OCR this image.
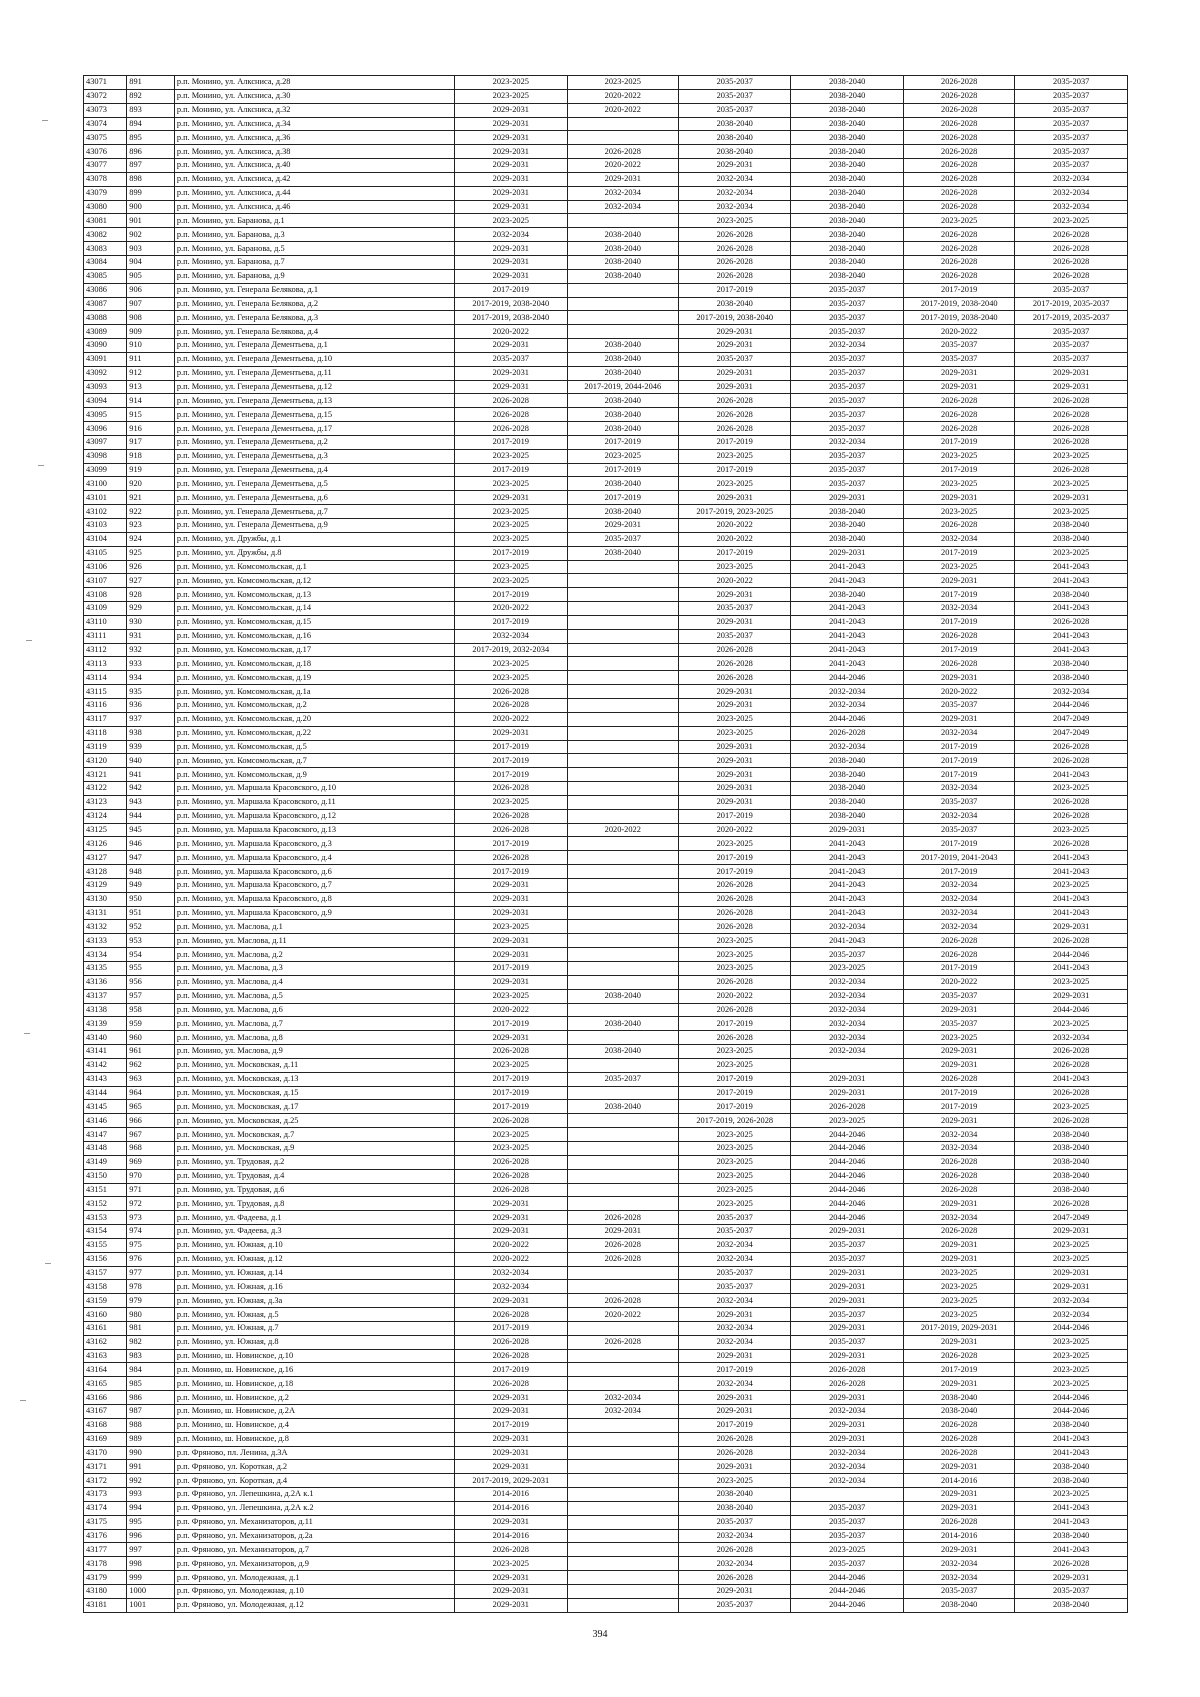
43071	891	р.п. Монино, ул. Алксниса, д.28	2023-2025	2023-2025	2035-2037	2038-2040	2026-2028	2035-2037
43072	892	р.п. Монино, ул. Алксниса, д.30	2023-2025	2020-2022	2035-2037	2038-2040	2026-2028	2035-2037
43073	893	р.п. Монино, ул. Алксниса, д.32	2029-2031	2020-2022	2035-2037	2038-2040	2026-2028	2035-2037
43074	894	р.п. Монино, ул. Алксниса, д.34	2029-2031		2038-2040	2038-2040	2026-2028	2035-2037
43075	895	р.п. Монино, ул. Алксниса, д.36	2029-2031		2038-2040	2038-2040	2026-2028	2035-2037
43076	896	р.п. Монино, ул. Алксниса, д.38	2029-2031	2026-2028	2038-2040	2038-2040	2026-2028	2035-2037
43077	897	р.п. Монино, ул. Алксниса, д.40	2029-2031	2020-2022	2029-2031	2038-2040	2026-2028	2035-2037
43078	898	р.п. Монино, ул. Алксниса, д.42	2029-2031	2029-2031	2032-2034	2038-2040	2026-2028	2032-2034
43079	899	р.п. Монино, ул. Алксниса, д.44	2029-2031	2032-2034	2032-2034	2038-2040	2026-2028	2032-2034
43080	900	р.п. Монино, ул. Алксниса, д.46	2029-2031	2032-2034	2032-2034	2038-2040	2026-2028	2032-2034
43081	901	р.п. Монино, ул. Баранова, д.1	2023-2025		2023-2025	2038-2040	2023-2025	2023-2025
43082	902	р.п. Монино, ул. Баранова, д.3	2032-2034	2038-2040	2026-2028	2038-2040	2026-2028	2026-2028
43083	903	р.п. Монино, ул. Баранова, д.5	2029-2031	2038-2040	2026-2028	2038-2040	2026-2028	2026-2028
43084	904	р.п. Монино, ул. Баранова, д.7	2029-2031	2038-2040	2026-2028	2038-2040	2026-2028	2026-2028
43085	905	р.п. Монино, ул. Баранова, д.9	2029-2031	2038-2040	2026-2028	2038-2040	2026-2028	2026-2028
43086	906	р.п. Монино, ул. Генерала Белякова, д.1	2017-2019		2017-2019	2035-2037	2017-2019	2035-2037
43087	907	р.п. Монино, ул. Генерала Белякова, д.2	2017-2019, 2038-2040		2038-2040	2035-2037	2017-2019, 2038-2040	2017-2019, 2035-2037
43088	908	р.п. Монино, ул. Генерала Белякова, д.3	2017-2019, 2038-2040		2017-2019, 2038-2040	2035-2037	2017-2019, 2038-2040	2017-2019, 2035-2037
43089	909	р.п. Монино, ул. Генерала Белякова, д.4	2020-2022		2029-2031	2035-2037	2020-2022	2035-2037
43090	910	р.п. Монино, ул. Генерала Дементьева, д.1	2029-2031	2038-2040	2029-2031	2032-2034	2035-2037	2035-2037
43091	911	р.п. Монино, ул. Генерала Дементьева, д.10	2035-2037	2038-2040	2035-2037	2035-2037	2035-2037	2035-2037
43092	912	р.п. Монино, ул. Генерала Дементьева, д.11	2029-2031	2038-2040	2029-2031	2035-2037	2029-2031	2029-2031
43093	913	р.п. Монино, ул. Генерала Дементьева, д.12	2029-2031	2017-2019, 2044-2046	2029-2031	2035-2037	2029-2031	2029-2031
43094	914	р.п. Монино, ул. Генерала Дементьева, д.13	2026-2028	2038-2040	2026-2028	2035-2037	2026-2028	2026-2028
43095	915	р.п. Монино, ул. Генерала Дементьева, д.15	2026-2028	2038-2040	2026-2028	2035-2037	2026-2028	2026-2028
43096	916	р.п. Монино, ул. Генерала Дементьева, д.17	2026-2028	2038-2040	2026-2028	2035-2037	2026-2028	2026-2028
43097	917	р.п. Монино, ул. Генерала Дементьева, д.2	2017-2019	2017-2019	2017-2019	2032-2034	2017-2019	2026-2028
43098	918	р.п. Монино, ул. Генерала Дементьева, д.3	2023-2025	2023-2025	2023-2025	2035-2037	2023-2025	2023-2025
43099	919	р.п. Монино, ул. Генерала Дементьева, д.4	2017-2019	2017-2019	2017-2019	2035-2037	2017-2019	2026-2028
43100	920	р.п. Монино, ул. Генерала Дементьева, д.5	2023-2025	2038-2040	2023-2025	2035-2037	2023-2025	2023-2025
43101	921	р.п. Монино, ул. Генерала Дементьева, д.6	2029-2031	2017-2019	2029-2031	2029-2031	2029-2031	2029-2031
43102	922	р.п. Монино, ул. Генерала Дементьева, д.7	2023-2025	2038-2040	2017-2019, 2023-2025	2038-2040	2023-2025	2023-2025
43103	923	р.п. Монино, ул. Генерала Дементьева, д.9	2023-2025	2029-2031	2020-2022	2038-2040	2026-2028	2038-2040
43104	924	р.п. Монино, ул. Дружбы, д.1	2023-2025	2035-2037	2020-2022	2038-2040	2032-2034	2038-2040
43105	925	р.п. Монино, ул. Дружбы, д.8	2017-2019	2038-2040	2017-2019	2029-2031	2017-2019	2023-2025
43106	926	р.п. Монино, ул. Комсомольская, д.1	2023-2025		2023-2025	2041-2043	2023-2025	2041-2043
43107	927	р.п. Монино, ул. Комсомольская, д.12	2023-2025		2020-2022	2041-2043	2029-2031	2041-2043
43108	928	р.п. Монино, ул. Комсомольская, д.13	2017-2019		2029-2031	2038-2040	2017-2019	2038-2040
43109	929	р.п. Монино, ул. Комсомольская, д.14	2020-2022		2035-2037	2041-2043	2032-2034	2041-2043
43110	930	р.п. Монино, ул. Комсомольская, д.15	2017-2019		2029-2031	2041-2043	2017-2019	2026-2028
43111	931	р.п. Монино, ул. Комсомольская, д.16	2032-2034		2035-2037	2041-2043	2026-2028	2041-2043
43112	932	р.п. Монино, ул. Комсомольская, д.17	2017-2019, 2032-2034		2026-2028	2041-2043	2017-2019	2041-2043
43113	933	р.п. Монино, ул. Комсомольская, д.18	2023-2025		2026-2028	2041-2043	2026-2028	2038-2040
43114	934	р.п. Монино, ул. Комсомольская, д.19	2023-2025		2026-2028	2044-2046	2029-2031	2038-2040
43115	935	р.п. Монино, ул. Комсомольская, д.1а	2026-2028		2029-2031	2032-2034	2020-2022	2032-2034
43116	936	р.п. Монино, ул. Комсомольская, д.2	2026-2028		2029-2031	2032-2034	2035-2037	2044-2046
43117	937	р.п. Монино, ул. Комсомольская, д.20	2020-2022		2023-2025	2044-2046	2029-2031	2047-2049
43118	938	р.п. Монино, ул. Комсомольская, д.22	2029-2031		2023-2025	2026-2028	2032-2034	2047-2049
43119	939	р.п. Монино, ул. Комсомольская, д.5	2017-2019		2029-2031	2032-2034	2017-2019	2026-2028
43120	940	р.п. Монино, ул. Комсомольская, д.7	2017-2019		2029-2031	2038-2040	2017-2019	2026-2028
43121	941	р.п. Монино, ул. Комсомольская, д.9	2017-2019		2029-2031	2038-2040	2017-2019	2041-2043
43122	942	р.п. Монино, ул. Маршала Красовского, д.10	2026-2028		2029-2031	2038-2040	2032-2034	2023-2025
43123	943	р.п. Монино, ул. Маршала Красовского, д.11	2023-2025		2029-2031	2038-2040	2035-2037	2026-2028
43124	944	р.п. Монино, ул. Маршала Красовского, д.12	2026-2028		2017-2019	2038-2040	2032-2034	2026-2028
43125	945	р.п. Монино, ул. Маршала Красовского, д.13	2026-2028	2020-2022	2020-2022	2029-2031	2035-2037	2023-2025
43126	946	р.п. Монино, ул. Маршала Красовского, д.3	2017-2019		2023-2025	2041-2043	2017-2019	2026-2028
43127	947	р.п. Монино, ул. Маршала Красовского, д.4	2026-2028		2017-2019	2041-2043	2017-2019, 2041-2043	2041-2043
43128	948	р.п. Монино, ул. Маршала Красовского, д.6	2017-2019		2017-2019	2041-2043	2017-2019	2041-2043
43129	949	р.п. Монино, ул. Маршала Красовского, д.7	2029-2031		2026-2028	2041-2043	2032-2034	2023-2025
43130	950	р.п. Монино, ул. Маршала Красовского, д.8	2029-2031		2026-2028	2041-2043	2032-2034	2041-2043
43131	951	р.п. Монино, ул. Маршала Красовского, д.9	2029-2031		2026-2028	2041-2043	2032-2034	2041-2043
43132	952	р.п. Монино, ул. Маслова, д.1	2023-2025		2026-2028	2032-2034	2032-2034	2029-2031
43133	953	р.п. Монино, ул. Маслова, д.11	2029-2031		2023-2025	2041-2043	2026-2028	2026-2028
43134	954	р.п. Монино, ул. Маслова, д.2	2029-2031		2023-2025	2035-2037	2026-2028	2044-2046
43135	955	р.п. Монино, ул. Маслова, д.3	2017-2019		2023-2025	2023-2025	2017-2019	2041-2043
43136	956	р.п. Монино, ул. Маслова, д.4	2029-2031		2026-2028	2032-2034	2020-2022	2023-2025
43137	957	р.п. Монино, ул. Маслова, д.5	2023-2025	2038-2040	2020-2022	2032-2034	2035-2037	2029-2031
43138	958	р.п. Монино, ул. Маслова, д.6	2020-2022		2026-2028	2032-2034	2029-2031	2044-2046
43139	959	р.п. Монино, ул. Маслова, д.7	2017-2019	2038-2040	2017-2019	2032-2034	2035-2037	2023-2025
43140	960	р.п. Монино, ул. Маслова, д.8	2029-2031		2026-2028	2032-2034	2023-2025	2032-2034
43141	961	р.п. Монино, ул. Маслова, д.9	2026-2028	2038-2040	2023-2025	2032-2034	2029-2031	2026-2028
43142	962	р.п. Монино, ул. Московская, д.11	2023-2025		2023-2025		2029-2031	2026-2028
43143	963	р.п. Монино, ул. Московская, д.13	2017-2019	2035-2037	2017-2019	2029-2031	2026-2028	2041-2043
43144	964	р.п. Монино, ул. Московская, д.15	2017-2019		2017-2019	2029-2031	2017-2019	2026-2028
43145	965	р.п. Монино, ул. Московская, д.17	2017-2019	2038-2040	2017-2019	2026-2028	2017-2019	2023-2025
43146	966	р.п. Монино, ул. Московская, д.25	2026-2028		2017-2019, 2026-2028	2023-2025	2029-2031	2026-2028
43147	967	р.п. Монино, ул. Московская, д.7	2023-2025		2023-2025	2044-2046	2032-2034	2038-2040
43148	968	р.п. Монино, ул. Московская, д.9	2023-2025		2023-2025	2044-2046	2032-2034	2038-2040
43149	969	р.п. Монино, ул. Трудовая, д.2	2026-2028		2023-2025	2044-2046	2026-2028	2038-2040
43150	970	р.п. Монино, ул. Трудовая, д.4	2026-2028		2023-2025	2044-2046	2026-2028	2038-2040
43151	971	р.п. Монино, ул. Трудовая, д.6	2026-2028		2023-2025	2044-2046	2026-2028	2038-2040
43152	972	р.п. Монино, ул. Трудовая, д.8	2029-2031		2023-2025	2044-2046	2029-2031	2026-2028
43153	973	р.п. Монино, ул. Фадеева, д.1	2029-2031	2026-2028	2035-2037	2044-2046	2032-2034	2047-2049
43154	974	р.п. Монино, ул. Фадеева, д.3	2029-2031	2029-2031	2035-2037	2029-2031	2026-2028	2029-2031
43155	975	р.п. Монино, ул. Южная, д.10	2020-2022	2026-2028	2032-2034	2035-2037	2029-2031	2023-2025
43156	976	р.п. Монино, ул. Южная, д.12	2020-2022	2026-2028	2032-2034	2035-2037	2029-2031	2023-2025
43157	977	р.п. Монино, ул. Южная, д.14	2032-2034		2035-2037	2029-2031	2023-2025	2029-2031
43158	978	р.п. Монино, ул. Южная, д.16	2032-2034		2035-2037	2029-2031	2023-2025	2029-2031
43159	979	р.п. Монино, ул. Южная, д.3а	2029-2031	2026-2028	2032-2034	2029-2031	2023-2025	2032-2034
43160	980	р.п. Монино, ул. Южная, д.5	2026-2028	2020-2022	2029-2031	2035-2037	2023-2025	2032-2034
43161	981	р.п. Монино, ул. Южная, д.7	2017-2019		2032-2034	2029-2031	2017-2019, 2029-2031	2044-2046
43162	982	р.п. Монино, ул. Южная, д.8	2026-2028	2026-2028	2032-2034	2035-2037	2029-2031	2023-2025
43163	983	р.п. Монино, ш. Новинское, д.10	2026-2028		2029-2031	2029-2031	2026-2028	2023-2025
43164	984	р.п. Монино, ш. Новинское, д.16	2017-2019		2017-2019	2026-2028	2017-2019	2023-2025
43165	985	р.п. Монино, ш. Новинское, д.18	2026-2028		2032-2034	2026-2028	2029-2031	2023-2025
43166	986	р.п. Монино, ш. Новинское, д.2	2029-2031	2032-2034	2029-2031	2029-2031	2038-2040	2044-2046
43167	987	р.п. Монино, ш. Новинское, д.2А	2029-2031	2032-2034	2029-2031	2032-2034	2038-2040	2044-2046
43168	988	р.п. Монино, ш. Новинское, д.4	2017-2019		2017-2019	2029-2031	2026-2028	2038-2040
43169	989	р.п. Монино, ш. Новинское, д.8	2029-2031		2026-2028	2029-2031	2026-2028	2041-2043
43170	990	р.п. Фряново, пл. Ленина, д.3А	2029-2031		2026-2028	2032-2034	2026-2028	2041-2043
43171	991	р.п. Фряново, ул. Короткая, д.2	2029-2031		2029-2031	2032-2034	2029-2031	2038-2040
43172	992	р.п. Фряново, ул. Короткая, д.4	2017-2019, 2029-2031		2023-2025	2032-2034	2014-2016	2038-2040
43173	993	р.п. Фряново, ул. Лепешкина, д.2А к.1	2014-2016		2038-2040		2029-2031	2023-2025
43174	994	р.п. Фряново, ул. Лепешкина, д.2А к.2	2014-2016		2038-2040	2035-2037	2029-2031	2041-2043
43175	995	р.п. Фряново, ул. Механизаторов, д.11	2029-2031		2035-2037	2035-2037	2026-2028	2041-2043
43176	996	р.п. Фряново, ул. Механизаторов, д.2а	2014-2016		2032-2034	2035-2037	2014-2016	2038-2040
43177	997	р.п. Фряново, ул. Механизаторов, д.7	2026-2028		2026-2028	2023-2025	2029-2031	2041-2043
43178	998	р.п. Фряново, ул. Механизаторов, д.9	2023-2025		2032-2034	2035-2037	2032-2034	2026-2028
43179	999	р.п. Фряново, ул. Молодежная, д.1	2029-2031		2026-2028	2044-2046	2032-2034	2029-2031
43180	1000	р.п. Фряново, ул. Молодежная, д.10	2029-2031		2029-2031	2044-2046	2035-2037	2035-2037
43181	1001	р.п. Фряново, ул. Молодежная, д.12	2029-2031		2035-2037	2044-2046	2038-2040	2038-2040
394
